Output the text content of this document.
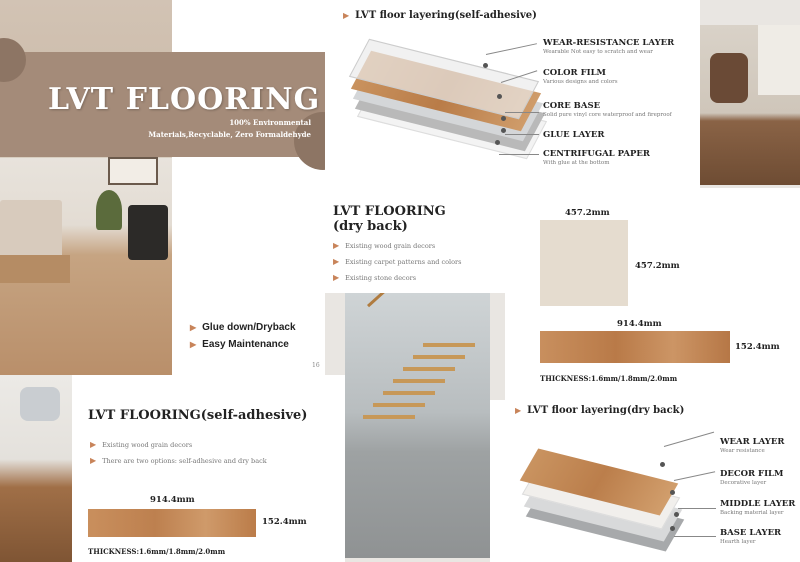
LVT FLOORING
100% Environmental
Materials,Recyclable, Zero Formaldehyde
▶ Glue down/Dryback
▶ Easy Maintenance
16
▶ LVT floor layering(self-adhesive)
WEAR-RESISTANCE LAYER
Wearable Not easy to scratch and wear
COLOR FILM
Various designs and colors
CORE BASE
Solid pure vinyl core waterproof and fireproof
GLUE LAYER
CENTRIFUGAL PAPER
With glue at the bottom
LVT FLOORING
(dry back)
▶ Existing wood grain decors
▶ Existing carpet patterns and colors
▶ Existing stone decors
457.2mm
457.2mm
914.4mm
152.4mm
THICKNESS:1.6mm/1.8mm/2.0mm
▶ LVT floor layering(dry back)
WEAR LAYER
Wear resistance
DECOR FILM
Decorative layer
MIDDLE LAYER
Backing material layer
BASE LAYER
Hearth layer
LVT FLOORING(self-adhesive)
▶ Existing wood grain decors
▶ There are two options: self-adhesive and dry back
914.4mm
152.4mm
THICKNESS:1.6mm/1.8mm/2.0mm
